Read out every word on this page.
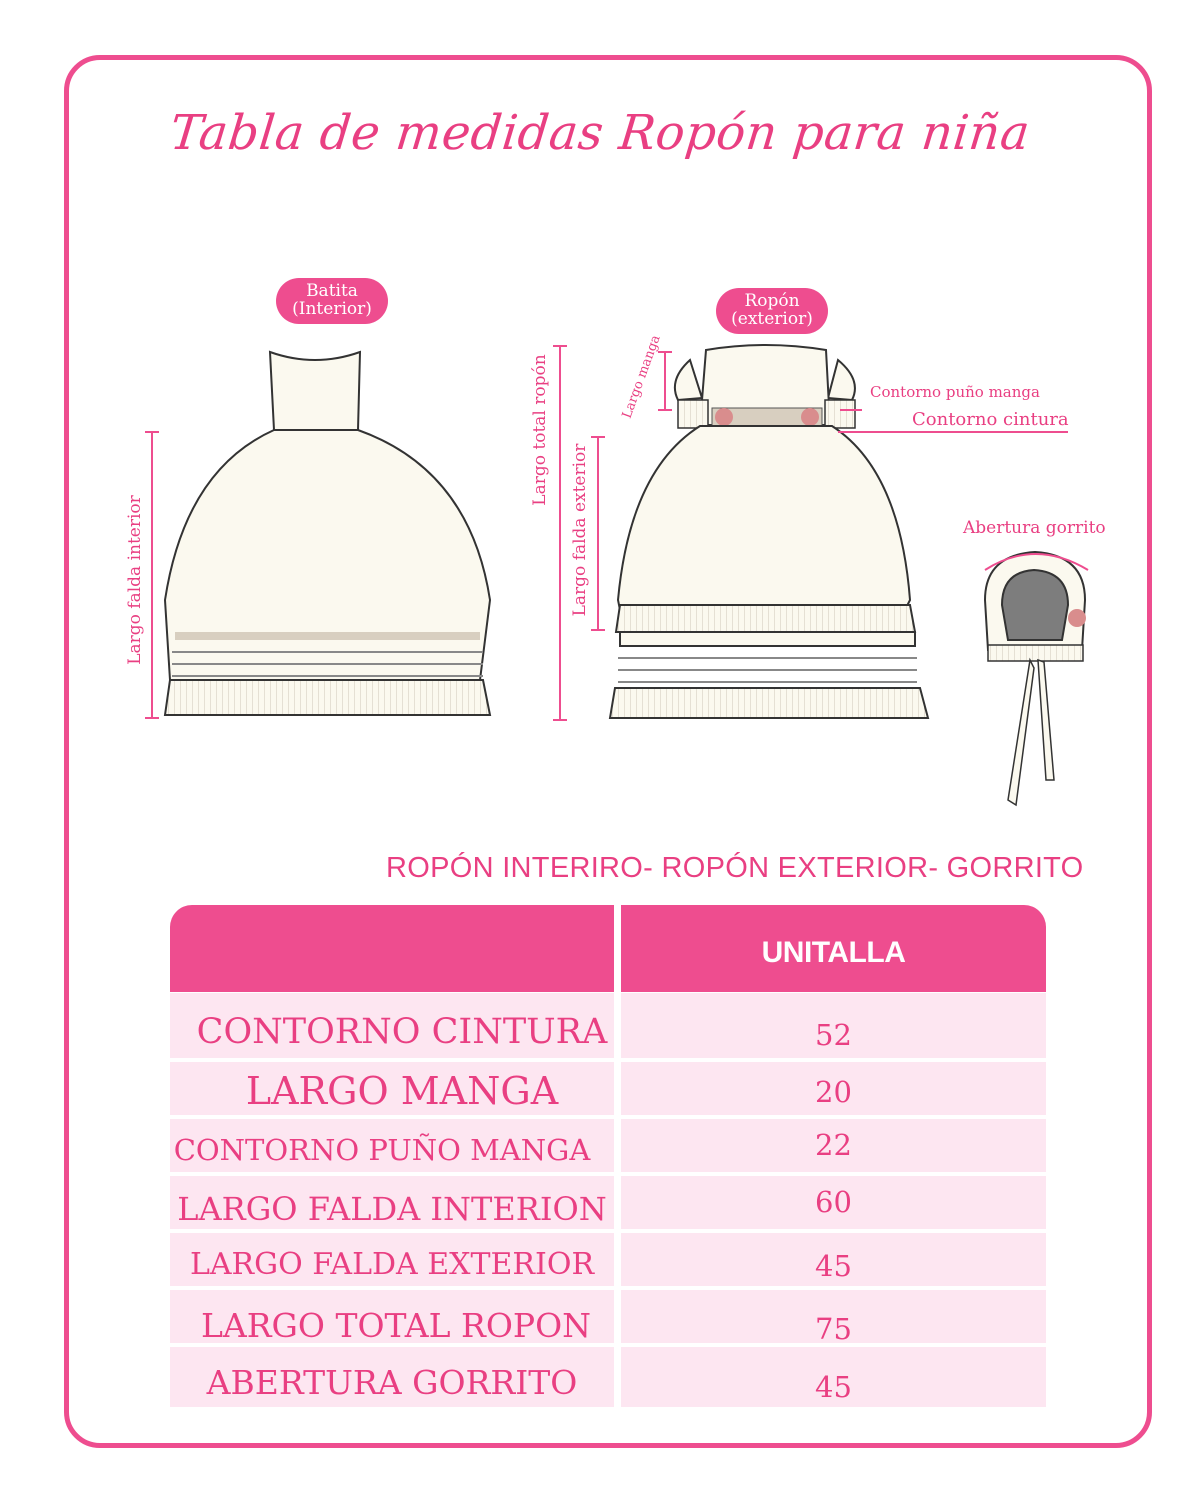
Tabla de medidas Ropón para niña
Largo falda interior
Largo total ropón
Largo falda exterior
Largo manga	Contorno puño manga
Contorno cintura
Abertura gorrito
Batita
(Interior)	Ropón
(exterior)
ROPÓN INTERIRO- ROPÓN EXTERIOR- GORRITO
UNITALLA
CONTORNO CINTURA	52
LARGO MANGA	20
CONTORNO PUÑO MANGA	22
LARGO FALDA INTERION	60
LARGO FALDA EXTERIOR	45
LARGO TOTAL ROPON	75
ABERTURA GORRITO	45
